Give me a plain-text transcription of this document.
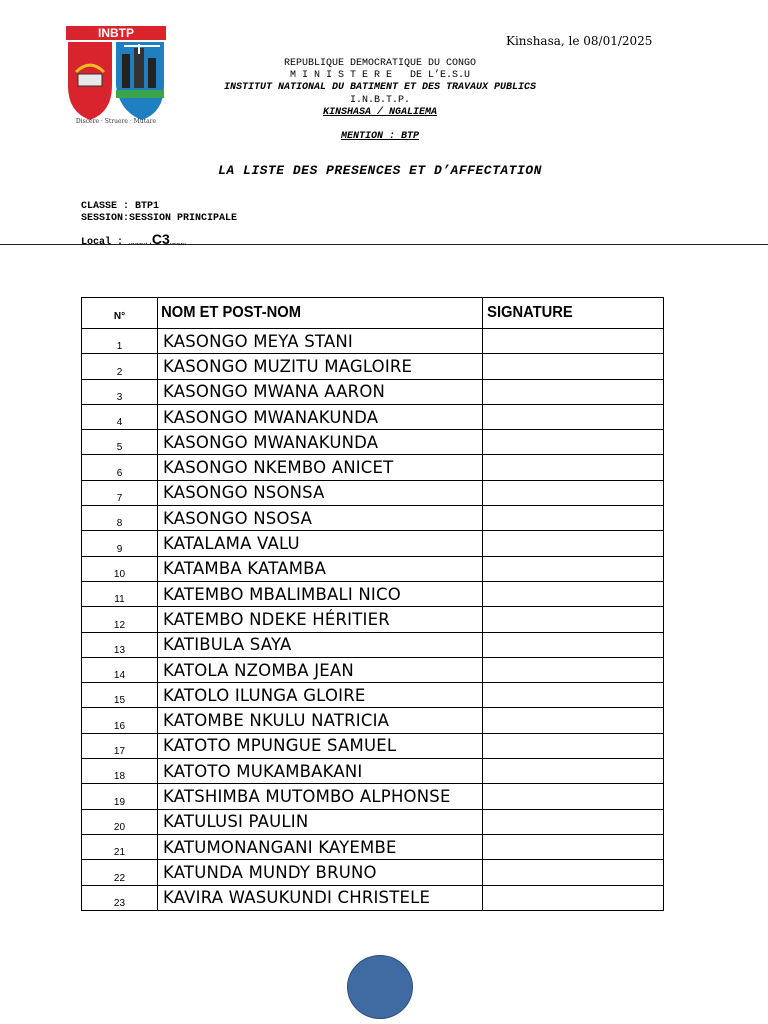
INBTP
Discere · Struere · Mutare
Kinshasa, le 08/01/2025
REPUBLIQUE DEMOCRATIQUE DU CONGO
M I N I S T E R E   DE L’E.S.U
INSTITUT NATIONAL DU BATIMENT ET DES TRAVAUX PUBLICS
I.N.B.T.P.
KINSHASA / NGALIEMA
MENTION : BTP
LA LISTE DES PRESENCES ET D’AFFECTATION
CLASSE : BTP1
SESSION:SESSION PRINCIPALE
Local : …………..C3…………
N°	NOM ET POST-NOM	SIGNATURE
1	KASONGO MEYA STANI	
2	KASONGO MUZITU MAGLOIRE	
3	KASONGO MWANA AARON	
4	KASONGO MWANAKUNDA	
5	KASONGO MWANAKUNDA	
6	KASONGO NKEMBO ANICET	
7	KASONGO NSONSA	
8	KASONGO NSOSA	
9	KATALAMA VALU	
10	KATAMBA KATAMBA	
11	KATEMBO MBALIMBALI NICO	
12	KATEMBO NDEKE HÉRITIER	
13	KATIBULA SAYA	
14	KATOLA NZOMBA JEAN	
15	KATOLO ILUNGA GLOIRE	
16	KATOMBE NKULU NATRICIA	
17	KATOTO MPUNGUE SAMUEL	
18	KATOTO MUKAMBAKANI	
19	KATSHIMBA MUTOMBO ALPHONSE	
20	KATULUSI PAULIN	
21	KATUMONANGANI KAYEMBE	
22	KATUNDA MUNDY BRUNO	
23	KAVIRA WASUKUNDI CHRISTELE	
